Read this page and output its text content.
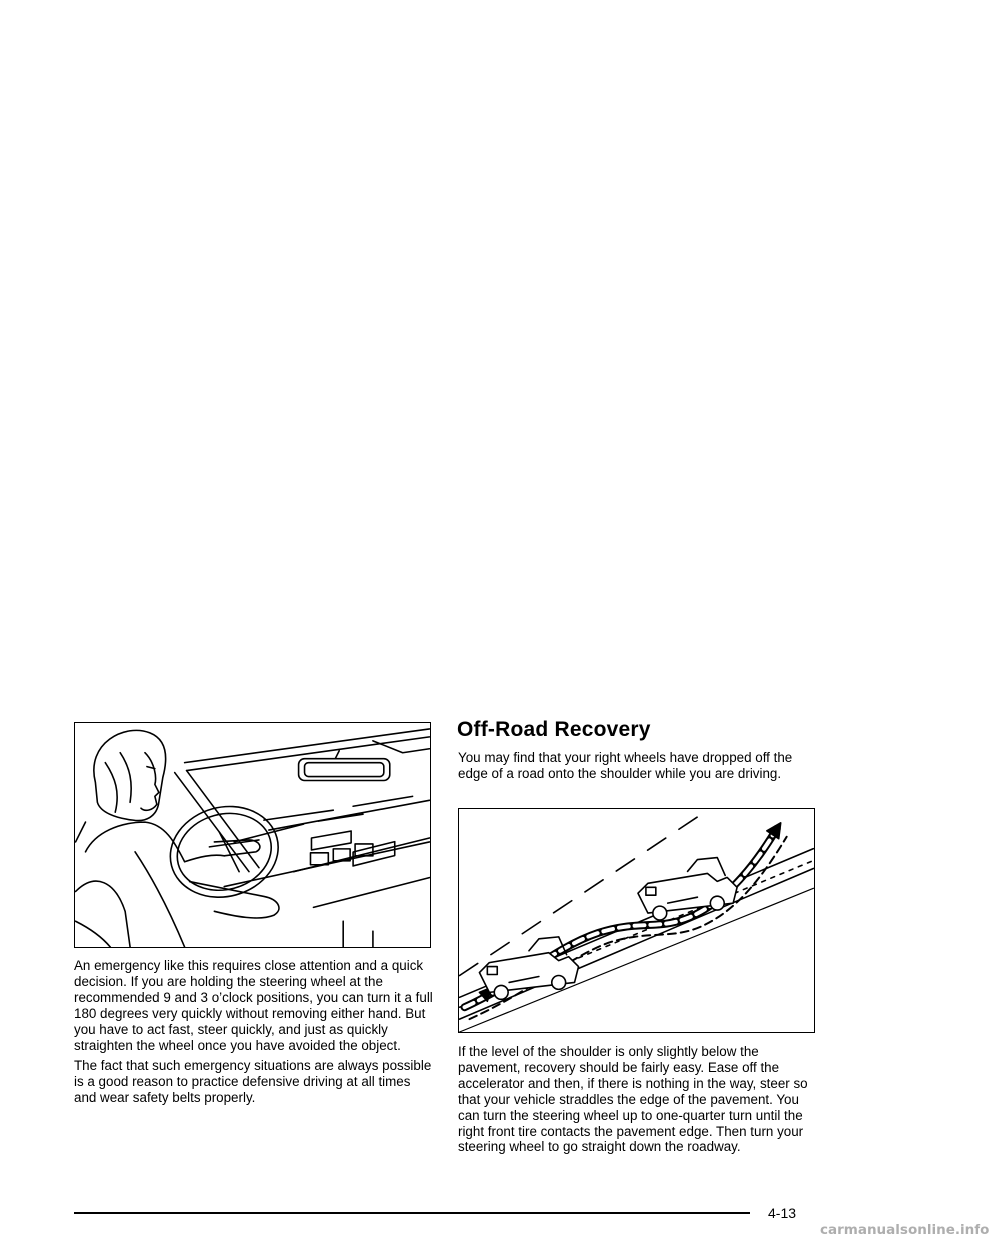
An emergency like this requires close attention and a quick decision. If you are holding the steering wheel at the recommended 9 and 3 o’clock positions, you can turn it a full 180 degrees very quickly without removing either hand. But you have to act fast, steer quickly, and just as quickly straighten the wheel once you have avoided the object.
The fact that such emergency situations are always possible is a good reason to practice defensive driving at all times and wear safety belts properly.
Off-Road Recovery
You may find that your right wheels have dropped off the edge of a road onto the shoulder while you are driving.
If the level of the shoulder is only slightly below the pavement, recovery should be fairly easy. Ease off the accelerator and then, if there is nothing in the way, steer so that your vehicle straddles the edge of the pavement. You can turn the steering wheel up to one-quarter turn until the right front tire contacts the pavement edge. Then turn your steering wheel to go straight down the roadway.
4-13
carmanualsonline.info
